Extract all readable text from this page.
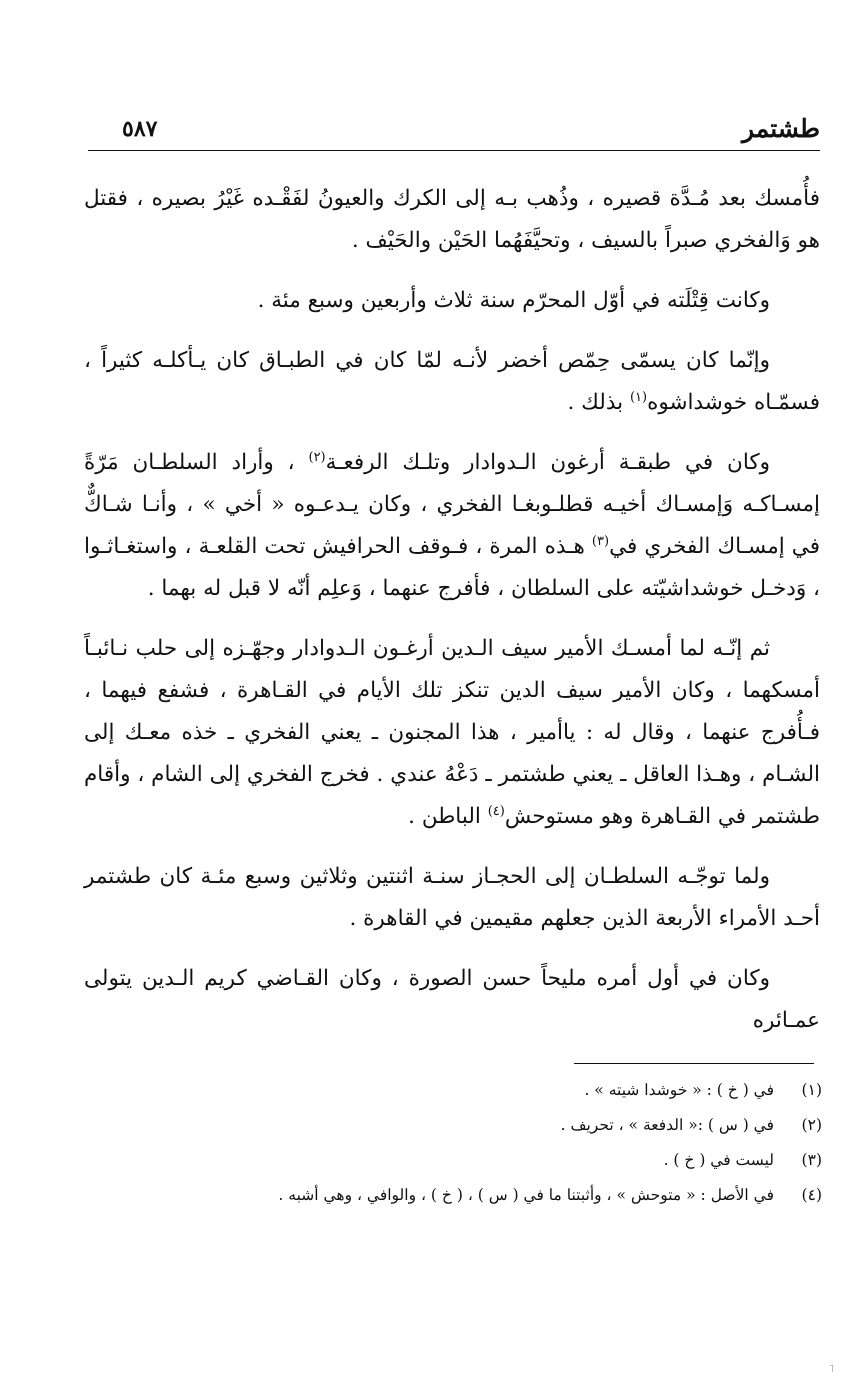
٥٨٧	طشتمر

فأُمسك بعد مُـدَّة قصيره ، وذُهب بـه إلى الكرك والعيونُ لفَقْـده غَيْرُ بصيره ، فقتل هو وَالفخري صبراً بالسيف ، وتحيَّفَهُما الحَيْن والحَيْف .

وكانت قِتْلَته في أوّل المحرّم سنة ثلاث وأربعين وسبع مئة .

وإنّما كان يسمّى حِمّص أخضر لأنـه لمّا كان في الطبـاق كان يـأكلـه كثيراً ، فسمّـاه خوشداشوه$^{(١)}$ بذلك .

وكان في طبقـة أرغون الـدوادار وتلـك الرفعـة$^{(٢)}$ ، وأراد السلطـان مَرّةً إمسـاكـه وَإمسـاك أخيـه قطلـوبغـا الفخري ، وكان يـدعـوه « أخي » ، وأنـا شـاكٌّ في إمسـاك الفخري في$^{(٣)}$ هـذه المرة ، فـوقف الحرافيش تحت القلعـة ، واستغـاثـوا ، وَدخـل خوشداشيّته على السلطان ، فأفرج عنهما ، وَعلِم أنّه لا قبل له بهما .

ثم إنّـه لما أمسـك الأمير سيف الـدين أرغـون الـدوادار وجهّـزه إلى حلب نـائبـاً أمسكهما ، وكان الأمير سيف الدين تنكز تلك الأيام في القـاهرة ، فشفع فيهما ، فـأُفرج عنهما ، وقال له : ياأمير ، هذا المجنون ـ يعني الفخري ـ خذه معـك إلى الشـام ، وهـذا العاقل ـ يعني طشتمر ـ دَعْهُ عندي . فخرج الفخري إلى الشام ، وأقام طشتمر في القـاهرة وهو مستوحش$^{(٤)}$ الباطن .

ولما توجّـه السلطـان إلى الحجـاز سنـة اثنتين وثلاثين وسبع مئـة كان طشتمر أحـد الأمراء الأربعة الذين جعلهم مقيمين في القاهرة .

وكان في أول أمره مليحاً حسن الصورة ، وكان القـاضي كريم الـدين يتولى عمـائره

(١)في ( خ ) : « خوشدا شيته » .
(٢)في ( س ) :« الدفعة » ، تحريف .
(٣)ليست في ( خ ) .
(٤)في الأصل : « متوحش » ، وأثبتنا ما في ( س ) ، ( خ ) ، والوافي ، وهي أشبه .
˥
